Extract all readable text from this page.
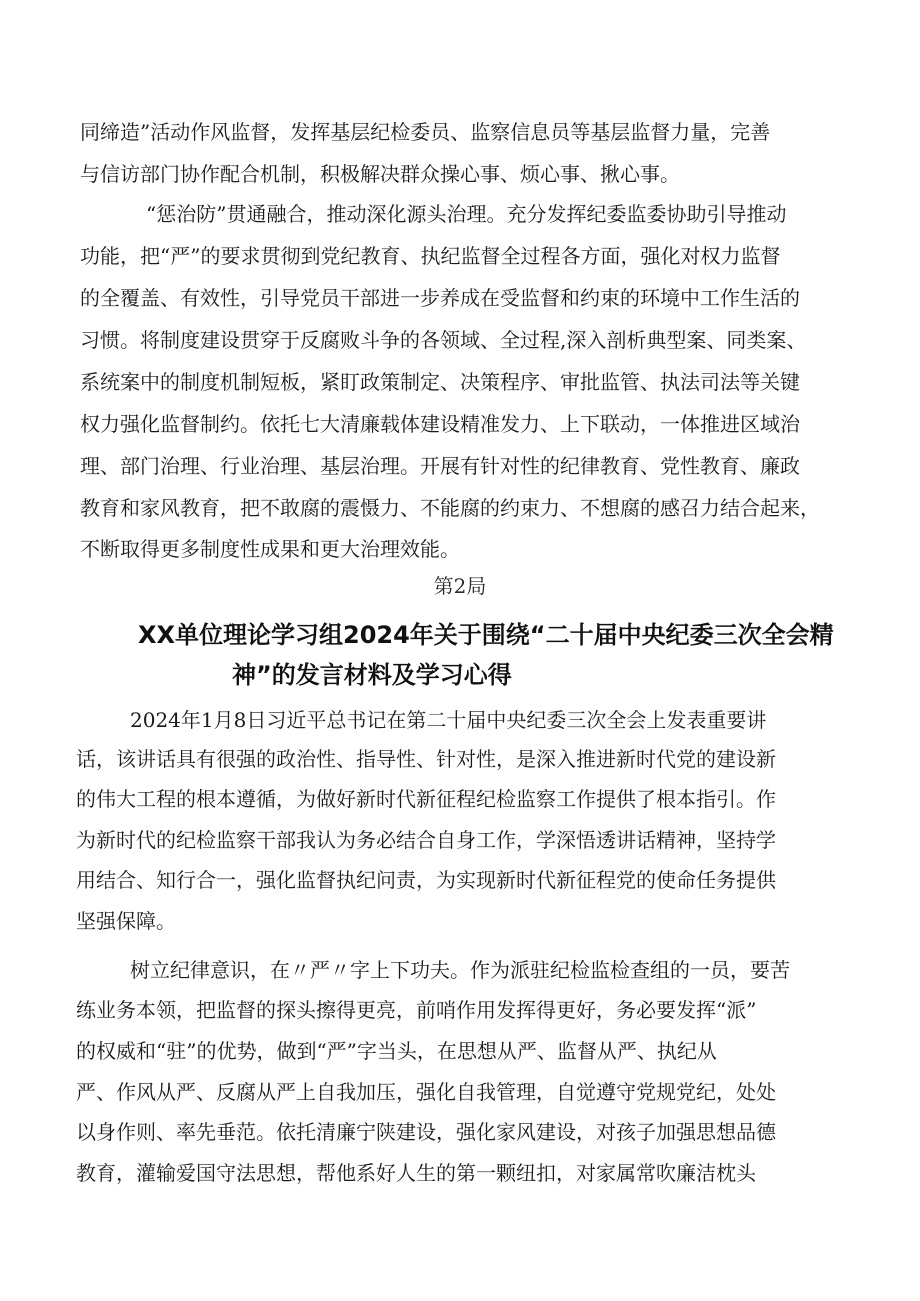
同缔造”活动作风监督，发挥基层纪检委员、监察信息员等基层监督力量，完善
与信访部门协作配合机制，积极解决群众操心事、烦心事、揪心事。
“惩治防”贯通融合，推动深化源头治理。充分发挥纪委监委协助引导推动
功能，把“严”的要求贯彻到党纪教育、执纪监督全过程各方面，强化对权力监督
的全覆盖、有效性，引导党员干部进一步养成在受监督和约束的环境中工作生活的
习惯。将制度建设贯穿于反腐败斗争的各领域、全过程,深入剖析典型案、同类案、
系统案中的制度机制短板，紧盯政策制定、决策程序、审批监管、执法司法等关键
权力强化监督制约。依托七大清廉载体建设精准发力、上下联动，一体推进区域治
理、部门治理、行业治理、基层治理。开展有针对性的纪律教育、党性教育、廉政
教育和家风教育，把不敢腐的震慑力、不能腐的约束力、不想腐的感召力结合起来，
不断取得更多制度性成果和更大治理效能。
第2局
XX单位理论学习组2024年关于围绕“二十届中央纪委三次全会精
神”的发言材料及学习心得
2024年1月8日习近平总书记在第二十届中央纪委三次全会上发表重要讲
话，该讲话具有很强的政治性、指导性、针对性，是深入推进新时代党的建设新
的伟大工程的根本遵循，为做好新时代新征程纪检监察工作提供了根本指引。作
为新时代的纪检监察干部我认为务必结合自身工作，学深悟透讲话精神，坚持学
用结合、知行合一，强化监督执纪问责，为实现新时代新征程党的使命任务提供
坚强保障。
树立纪律意识，在〃严〃字上下功夫。作为派驻纪检监检查组的一员，要苦
练业务本领，把监督的探头擦得更亮，前哨作用发挥得更好，务必要发挥“派”
的权威和“驻”的优势，做到“严”字当头，在思想从严、监督从严、执纪从
严、作风从严、反腐从严上自我加压，强化自我管理，自觉遵守党规党纪，处处
以身作则、率先垂范。依托清廉宁陕建设，强化家风建设，对孩子加强思想品德
教育，灌输爱国守法思想，帮他系好人生的第一颗纽扣，对家属常吹廉洁枕头
